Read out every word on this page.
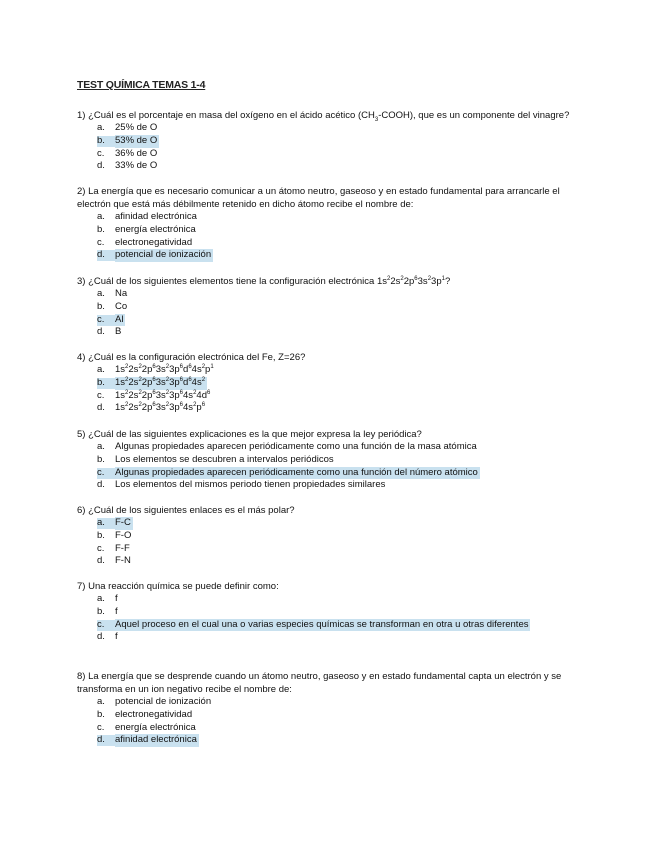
TEST QUÍMICA TEMAS 1-4

1) ¿Cuál es el porcentaje en masa del oxígeno en el ácido acético $(CH_3-COOH)$, que es un componente del vinagre?

a.	25% de O
b.	53% de O
c.	36% de O
d.	33% de O

2) La energía que es necesario comunicar a un átomo neutro, gaseoso y en estado fundamental para arrancarle el electrón que está más débilmente retenido en dicho átomo recibe el nombre de:

a.	afinidad electrónica
b.	energía electrónica
c.	electronegatividad
d.	potencial de ionización

3) ¿Cuál de los siguientes elementos tiene la configuración electrónica $1s^22s^22p^63s^23p^1$?

a.	Na
b.	Co
c.	Al
d.	B

4) ¿Cuál es la configuración electrónica del Fe, Z=26?

a.	$1s^22s^22p^63s^23p^6d^64s^2p^1$
b.	$1s^22s^22p^63s^23p^6d^64s^2$
c.	$1s^22s^22p^63s^23p^64s^24d^6$
d.	$1s^22s^22p^63s^23p^64s^2p^6$

5) ¿Cuál de las siguientes explicaciones es la que mejor expresa la ley periódica?

a.	Algunas propiedades aparecen periódicamente como una función de la masa atómica
b.	Los elementos se descubren a intervalos periódicos
c.	Algunas propiedades aparecen periódicamente como una función del número atómico
d.	Los elementos del mismos periodo tienen propiedades similares

6) ¿Cuál de los siguientes enlaces es el más polar?

a.	F-C
b.	F-O
c.	F-F
d.	F-N

7) Una reacción química se puede definir como:

a.	f
b.	f
c.	Aquel proceso en el cual una o varias especies químicas se transforman en otra u otras diferentes
d.	f

8) La energía que se desprende cuando un átomo neutro, gaseoso y en estado fundamental capta un electrón y se transforma en un ion negativo recibe el nombre de:

a.	potencial de ionización
b.	electronegatividad
c.	energía electrónica
d.	afinidad electrónica
